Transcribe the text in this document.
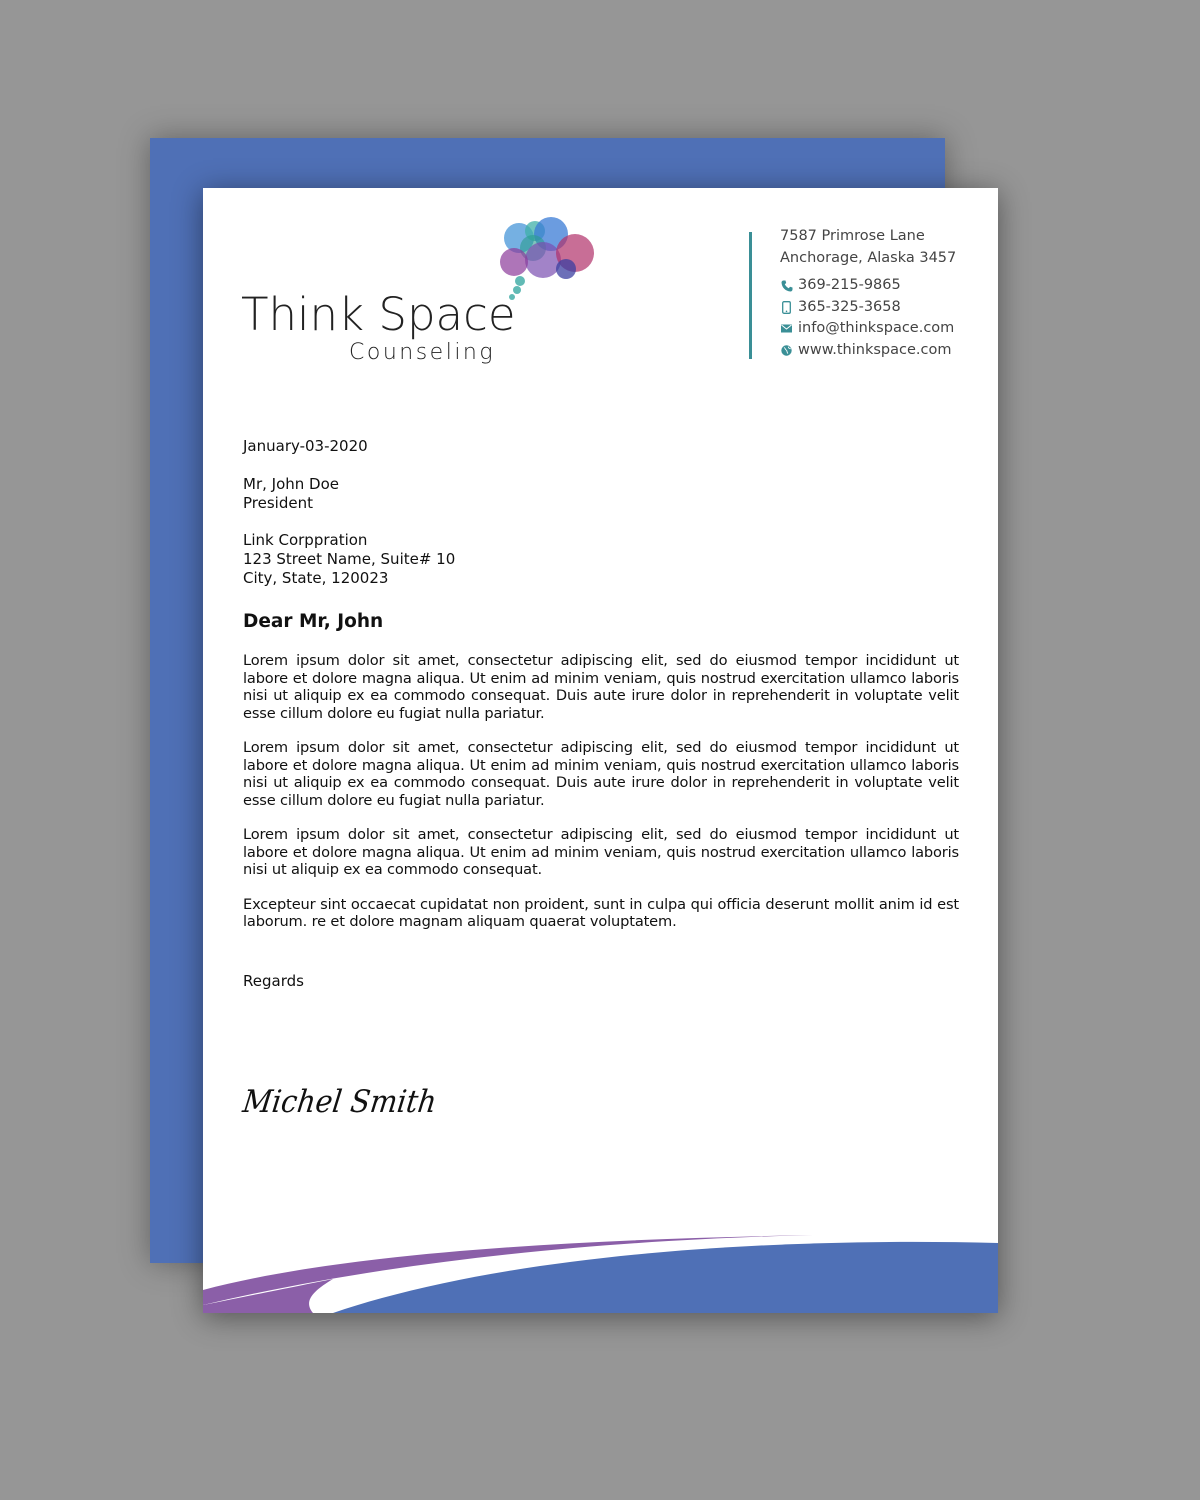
Think Space
Counseling
7587 Primrose Lane
Anchorage, Alaska 3457
369-215-9865
365-325-3658
info@thinkspace.com
www.thinkspace.com
January-03-2020
Mr, John Doe
President
Link Corppration
123 Street Name, Suite# 10
City, State, 120023
Dear Mr, John
Lorem ipsum dolor sit amet, consectetur adipiscing elit, sed do eiusmod tempor incididunt ut labore et dolore magna aliqua. Ut enim ad minim veniam, quis nostrud exercitation ullamco laboris nisi ut aliquip ex ea commodo consequat. Duis aute irure dolor in reprehenderit in voluptate velit esse cillum dolore eu fugiat nulla pariatur.
Lorem ipsum dolor sit amet, consectetur adipiscing elit, sed do eiusmod tempor incididunt ut labore et dolore magna aliqua. Ut enim ad minim veniam, quis nostrud exercitation ullamco laboris nisi ut aliquip ex ea commodo consequat. Duis aute irure dolor in reprehenderit in voluptate velit esse cillum dolore eu fugiat nulla pariatur.
Lorem ipsum dolor sit amet, consectetur adipiscing elit, sed do eiusmod tempor incididunt ut labore et dolore magna aliqua. Ut enim ad minim veniam, quis nostrud exercitation ullamco laboris nisi ut aliquip ex ea commodo consequat.
Excepteur sint occaecat cupidatat non proident, sunt in culpa qui officia deserunt mollit anim id est laborum. re et dolore magnam aliquam quaerat voluptatem.
Regards
Michel Smith
